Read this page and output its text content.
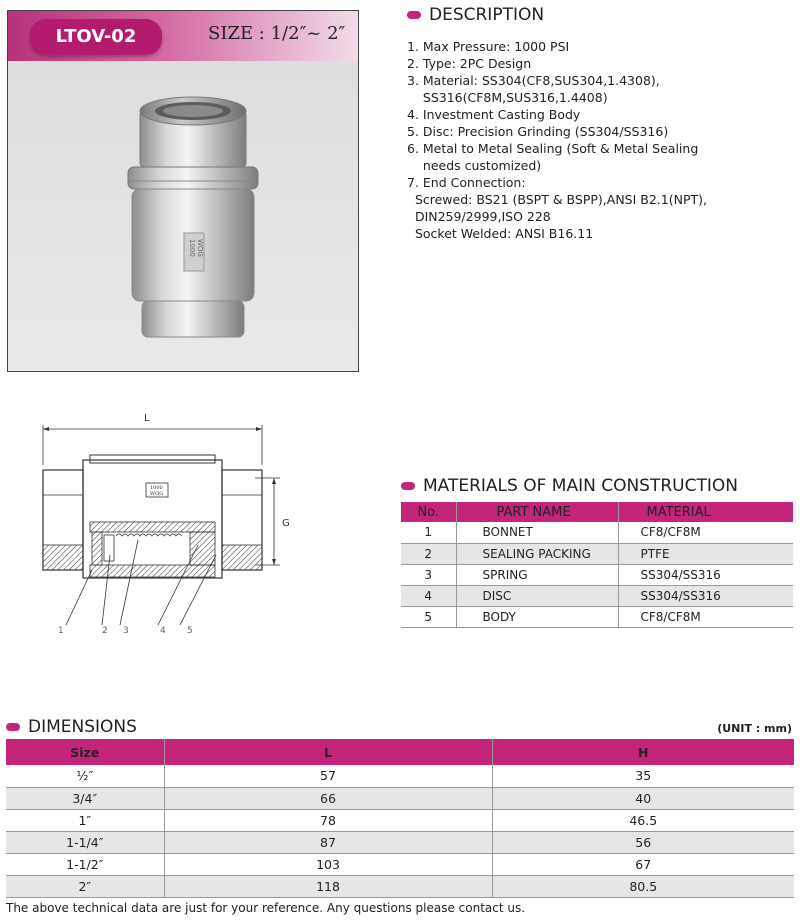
LTOV-02	SIZE : 1/2″~ 2″
1000 WOG
DESCRIPTION
1. Max Pressure: 1000 PSI
2. Type: 2PC Design
3. Material: SS304(CF8,SUS304,1.4308),
SS316(CF8M,SUS316,1.4408)
4. Investment Casting Body
5. Disc: Precision Grinding (SS304/SS316)
6. Metal to Metal Sealing (Soft & Metal Sealing
needs customized)
7. End Connection:
Screwed: BS21 (BSPT & BSPP),ANSI B2.1(NPT),
DIN259/2999,ISO 228
Socket Welded: ANSI B16.11
L
G
1000
WOG
1	2 3	4 5
MATERIALS OF MAIN CONSTRUCTION
No.	PART NAME	MATERIAL
1	BONNET	CF8/CF8M
2	SEALING PACKING	PTFE
3	SPRING	SS304/SS316
4	DISC	SS304/SS316
5	BODY	CF8/CF8M
DIMENSIONS	(UNIT : mm)
Size	L	H
½″	57	35
3/4″	66	40
1″	78	46.5
1-1/4″	87	56
1-1/2″	103	67
2″	118	80.5
The above technical data are just for your reference. Any questions please contact us.
